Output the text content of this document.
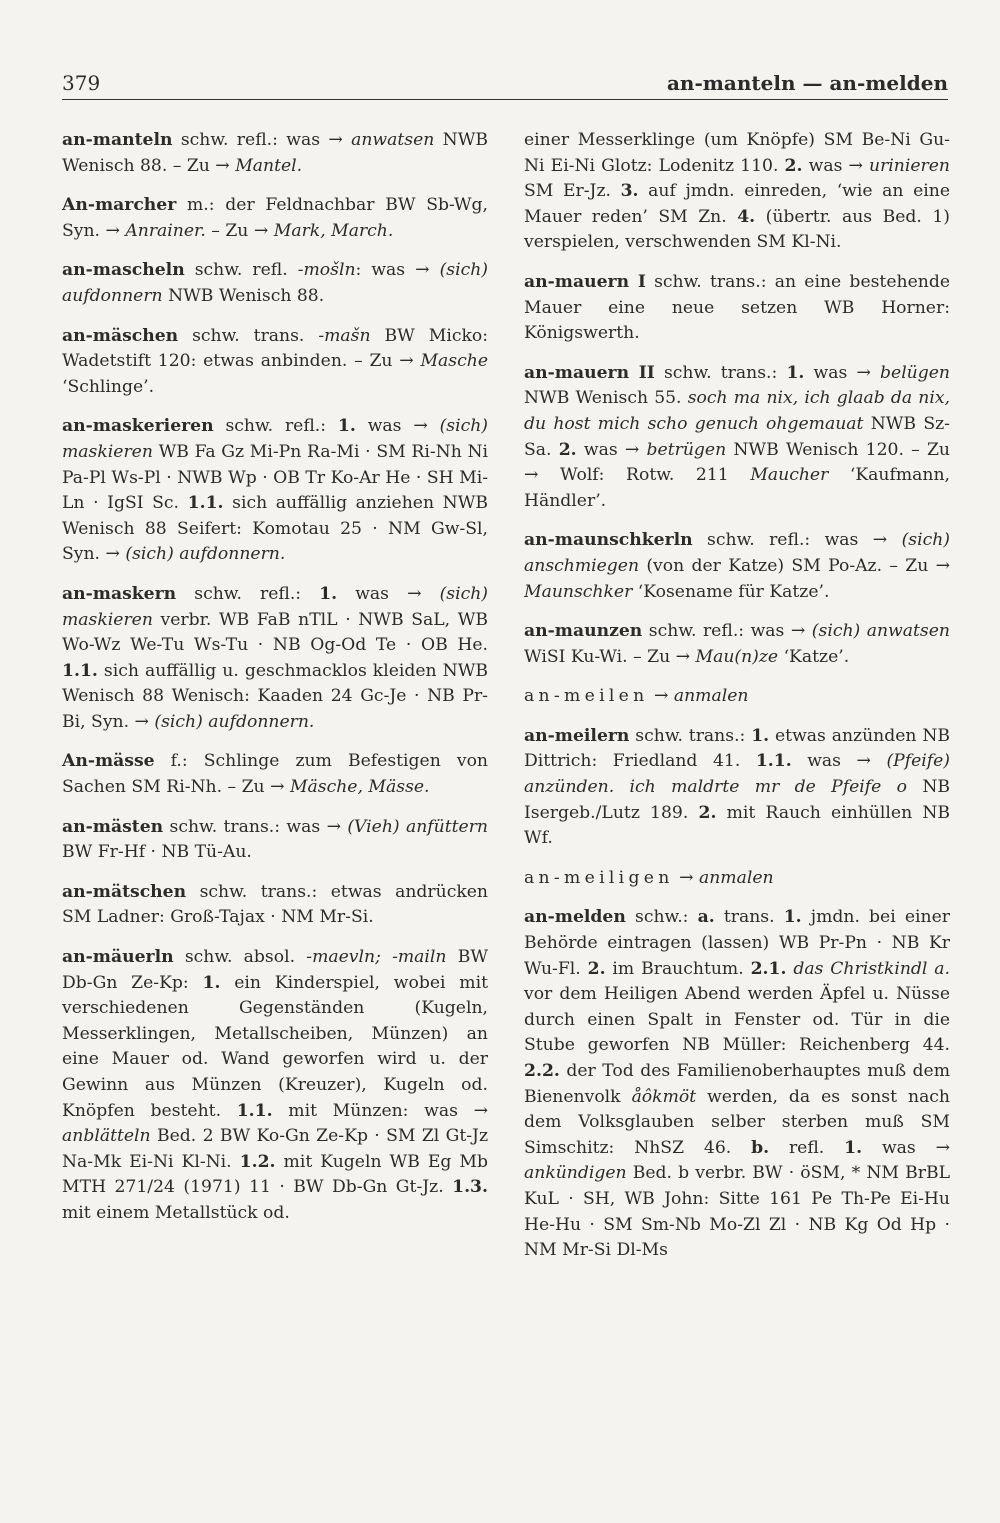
379	an-manteln — an-melden

an-manteln schw. refl.: was → anwatsen NWB Wenisch 88. – Zu → Mantel.

An-marcher m.: der Feldnachbar BW Sb-Wg, Syn. → Anrainer. – Zu → Mark, March.

an-mascheln schw. refl. -mošln: was → (sich) aufdonnern NWB Wenisch 88.

an-mäschen schw. trans. -mašn BW Micko: Wadetstift 120: etwas anbinden. – Zu → Masche ‘Schlinge’.

an-maskerieren schw. refl.: 1. was → (sich) maskieren WB Fa Gz Mi-Pn Ra-Mi · SM Ri-Nh Ni Pa-Pl Ws-Pl · NWB Wp · OB Tr Ko-Ar He · SH Mi-Ln · IgSI Sc. 1.1. sich auffällig anziehen NWB Wenisch 88 Seifert: Komotau 25 · NM Gw-Sl, Syn. → (sich) aufdonnern.

an-maskern schw. refl.: 1. was → (sich) maskieren verbr. WB FaB nTlL · NWB SaL, WB Wo-Wz We-Tu Ws-Tu · NB Og-Od Te · OB He. 1.1. sich auffällig u. geschmacklos kleiden NWB Wenisch 88 Wenisch: Kaaden 24 Gc-Je · NB Pr-Bi, Syn. → (sich) aufdonnern.

An-mässe f.: Schlinge zum Befestigen von Sachen SM Ri-Nh. – Zu → Mäsche, Mässe.

an-mästen schw. trans.: was → (Vieh) anfüttern BW Fr-Hf · NB Tü-Au.

an-mätschen schw. trans.: etwas andrücken SM Ladner: Groß-Tajax · NM Mr-Si.

an-mäuerln schw. absol. -maevln; -mailn BW Db-Gn Ze-Kp: 1. ein Kinderspiel, wobei mit verschiedenen Gegenständen (Kugeln, Messerklingen, Metallscheiben, Münzen) an eine Mauer od. Wand geworfen wird u. der Gewinn aus Münzen (Kreuzer), Kugeln od. Knöpfen besteht. 1.1. mit Münzen: was → anblätteln Bed. 2 BW Ko-Gn Ze-Kp · SM Zl Gt-Jz Na-Mk Ei-Ni Kl-Ni. 1.2. mit Kugeln WB Eg Mb MTH 271/24 (1971) 11 · BW Db-Gn Gt-Jz. 1.3. mit einem Metallstück od.

einer Messerklinge (um Knöpfe) SM Be-Ni Gu-Ni Ei-Ni Glotz: Lodenitz 110. 2. was → urinieren SM Er-Jz. 3. auf jmdn. einreden, ‘wie an eine Mauer reden’ SM Zn. 4. (übertr. aus Bed. 1) verspielen, verschwenden SM Kl-Ni.

an-mauern I schw. trans.: an eine bestehende Mauer eine neue setzen WB Horner: Königswerth.

an-mauern II schw. trans.: 1. was → belügen NWB Wenisch 55. soch ma nix, ich glaab da nix, du host mich scho genuch ohgemauat NWB Sz-Sa. 2. was → betrügen NWB Wenisch 120. – Zu → Wolf: Rotw. 211 Maucher ‘Kaufmann, Händler’.

an-maunschkerln schw. refl.: was → (sich) anschmiegen (von der Katze) SM Po-Az. – Zu → Maunschker ‘Kosename für Katze’.

an-maunzen schw. refl.: was → (sich) anwatsen WiSI Ku-Wi. – Zu → Mau(n)ze ‘Katze’.

an-meilen → anmalen

an-meilern schw. trans.: 1. etwas anzünden NB Dittrich: Friedland 41. 1.1. was → (Pfeife) anzünden. ich maldrte mr de Pfeife o NB Isergeb./Lutz 189. 2. mit Rauch einhüllen NB Wf.

an-meiligen → anmalen

an-melden schw.: a. trans. 1. jmdn. bei einer Behörde eintragen (lassen) WB Pr-Pn · NB Kr Wu-Fl. 2. im Brauchtum. 2.1. das Christkindl a. vor dem Heiligen Abend werden Äpfel u. Nüsse durch einen Spalt in Fenster od. Tür in die Stube geworfen NB Müller: Reichenberg 44. 2.2. der Tod des Familienoberhauptes muß dem Bienenvolk åôkmöt werden, da es sonst nach dem Volksglauben selber sterben muß SM Simschitz: NhSZ 46. b. refl. 1. was → ankündigen Bed. b verbr. BW · öSM, * NM BrBL KuL · SH, WB John: Sitte 161 Pe Th-Pe Ei-Hu He-Hu · SM Sm-Nb Mo-Zl Zl · NB Kg Od Hp · NM Mr-Si Dl-Ms
